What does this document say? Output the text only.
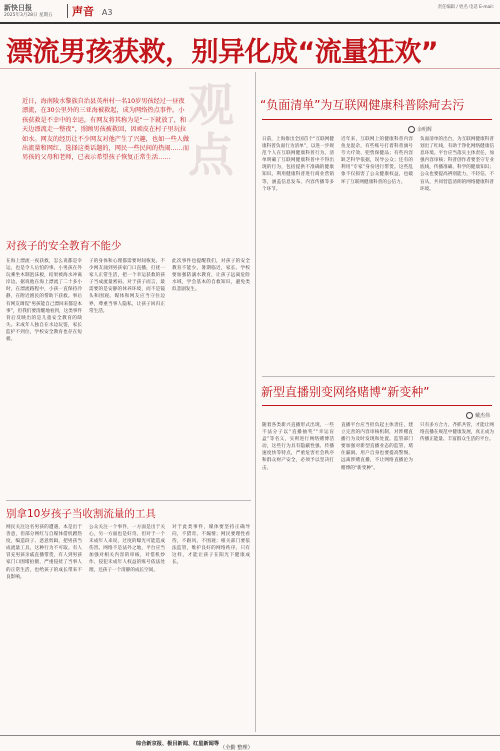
新快日报
2025年3月28日 星期五 声音 A3
责任编辑 / 姓名 电话 E-mail:
漂流男孩获救，别异化成“流量狂欢”
观点
近日，海南陵水黎族自治县英州村一名10岁男孩经过一昼夜漂流，在30公里外的三亚海被救起，成为网络热点事件。小孩获救是不幸中的幸运，有网友将其称为是“一下就放了，和天边漂流走一整夜”，照顾男孩被救回，因顽皮在村子里玩拉如水。网友的经历让不少网友对他产生了兴趣，也如一些人做出流量和网红、选择这类话题的，网民一些民间的热闹……而男孩的父母和老师，已表示希望孩子恢复正常生活……
对孩子的安全教育不能少
在海上漂流一夜获救，怎么说都是幸运，也是令人后怕的事。小男孩在外玩乘坐木制泡沫板，结果被海水冲离岸边。据说他在海上漂流了二十多小时，在漂流路程中，小孩一直保持冷静，在附近渔民的帮助下获救。事后有网友调侃“男孩能自己漂回来都是本事”，但我们要清醒地看到，这类事件背后反映出的是儿童安全教育的缺失。未成年人独自在水边玩耍，家长监护不到位，学校安全教育也存在短板。
子的身体和心理都需要时间恢复。不少网友涌到男孩家门口直播，打扰一家人正常生活，把一个幸运获救的孩子当成流量密码。对于孩子而言，最需要的是安静的休养环境，而不是镜头和围观。媒体和网友应当守住边界，尊重当事人隐私，让孩子回归正常生活。
此次事件也提醒我们，对孩子的安全教育不能少。暑期临近，家长、学校要加强防溺水教育，让孩子远离危险水域，学会基本的自救知识，避免类似悲剧发生。
别拿10岁孩子当收割流量的工具
网民关注这名男孩的遭遇，本是出于善意，但部分网红与自媒体借机蹭热度，编造段子、恶意剪辑，把男孩当成流量工具，这种行为不可取。有人冒充男孩亲戚直播带货，有人到男孩家门口围堵拍摄，严重侵扰了当事人的正常生活，也给孩子的成长带来不良影响。
公众关注一个事件，一方面是出于关心，另一方面也是好奇。但对于一个未成年人来说，过度的曝光可能造成伤害。网络不是法外之地，平台应当加强对相关内容的审核，对借机炒作、侵犯未成年人权益的账号依法处理，还孩子一个清静的成长空间。
对于此类事件，媒体要坚持正确导向，不猎奇、不煽情；网民要理性看待，不跟风、不围观；相关部门要依法监管，维护良好的网络秩序。只有这样，才能让孩子在阳光下健康成长。
“负面清单”为互联网健康科普除疴去污
余明辉
日前，上海推出全国首个“互联网健康科普负面行为清单”，以进一步规范个人在互联网健康科普行为。清单明确了互联网健康科普中不得出现的行为，包括提供不准确的健康知识、利用健康科普进行商业营销等，涵盖信息发布、内容传播等多个环节。
近年来，互联网上的健康科普内容鱼龙混杂，有些账号打着科普旗号夸大疗效、兜售保健品；有些内容缺乏科学依据，误导公众；还有的利用“专家”身份进行带货。这些乱象不仅损害了公众健康权益，也破坏了互联网健康科普的公信力。
负面清单的出台，为互联网健康科普划出了红线，有助于净化网络健康信息环境。平台应当落实主体责任，加强内容审核；科普创作者要坚守专业底线，传播准确、科学的健康知识；公众也要提高辨别能力，不轻信、不盲从，共同营造清朗的网络健康科普环境。
新型直播别变网络赌博“新变种”
戴杰伟
随着各类新兴直播形式出现，一些不法分子以“直播抽奖”“幸运盲盒”等名义，实则进行网络赌博活动，这些行为具有隐蔽性强、传播速度快等特点，严重危害社会秩序和群众财产安全，必须予以坚决打击。
直播平台应当担负起主体责任，建立完善的内容审核机制，对涉赌直播行为及时发现和处置。监管部门要加强对新型直播业态的监管，堵住漏洞。用户自身也要提高警惕，远离涉赌直播，不让网络直播沦为赌博的“新变种”。
只有多方合力、齐抓共管，才能让网络直播在规范中健康发展，真正成为传播正能量、丰富群众生活的平台。
综合新京报、极目新闻、红星新闻等
（全勤 整理）
